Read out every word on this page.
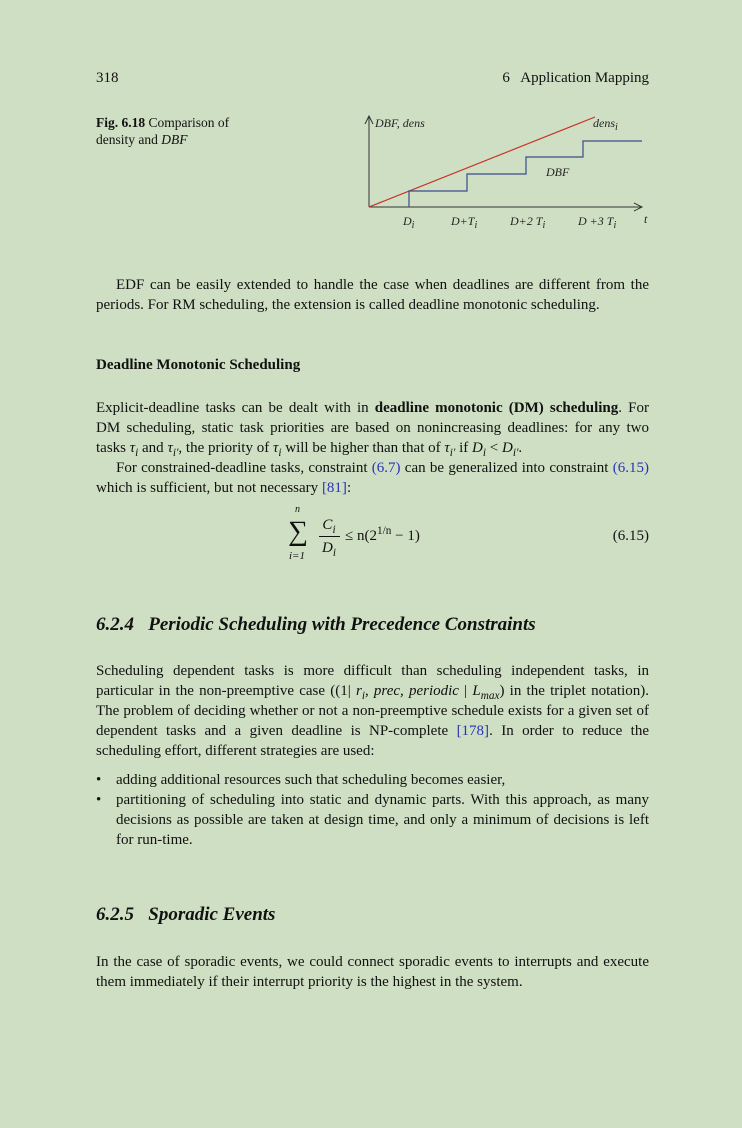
318	6   Application Mapping
Fig. 6.18 Comparison of density and DBF
DBF, dens	dens$_i$
DBF
t
$D_i$	$D+T_i$	D+2 $T_i$	D +3 $T_i$

EDF can be easily extended to handle the case when deadlines are different from the periods. For RM scheduling, the extension is called deadline monotonic scheduling.

Deadline Monotonic Scheduling

Explicit-deadline tasks can be dealt with in deadline monotonic (DM) scheduling. For DM scheduling, static task priorities are based on nonincreasing deadlines: for any two tasks $\tau_i$ and $\tau_{i'}$, the priority of $\tau_i$ will be higher than that of $\tau_{i'}$ if $D_i < D_{i'}$.

For constrained-deadline tasks, constraint (6.7) can be generalized into constraint (6.15) which is sufficient, but not necessary [81]:

n
∑
i=1
$C_i$
$D_i$
≤ $n(2^{1/n} - 1)$	(6.15)
6.2.4   Periodic Scheduling with Precedence Constraints

Scheduling dependent tasks is more difficult than scheduling independent tasks, in particular in the non-preemptive case ((1| $r_i$, prec, periodic | $L_{max}$) in the triplet notation). The problem of deciding whether or not a non-preemptive schedule exists for a given set of dependent tasks and a given deadline is NP-complete [178]. In order to reduce the scheduling effort, different strategies are used:

• adding additional resources such that scheduling becomes easier,
• partitioning of scheduling into static and dynamic parts. With this approach, as many decisions as possible are taken at design time, and only a minimum of decisions is left for run-time.
6.2.5   Sporadic Events

In the case of sporadic events, we could connect sporadic events to interrupts and execute them immediately if their interrupt priority is the highest in the system.
